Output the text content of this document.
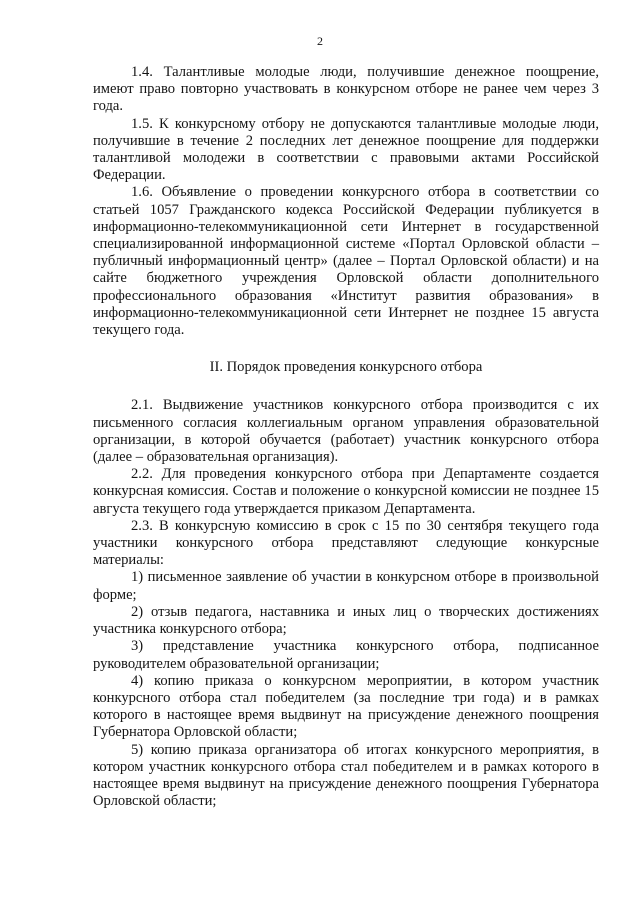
2

1.4. Талантливые молодые люди, получившие денежное поощрение, имеют право повторно участвовать в конкурсном отборе не ранее чем через 3 года.

1.5. К конкурсному отбору не допускаются талантливые молодые люди, получившие в течение 2 последних лет денежное поощрение для поддержки талантливой молодежи в соответствии с правовыми актами Российской Федерации.

1.6. Объявление о проведении конкурсного отбора в соответствии со статьей 1057 Гражданского кодекса Российской Федерации публикуется в информационно-телекоммуникационной сети Интернет в государственной специализированной информационной системе «Портал Орловской области – публичный информационный центр» (далее – Портал Орловской области) и на сайте бюджетного учреждения Орловской области дополнительного профессионального образования «Институт развития образования» в информационно-телекоммуникационной сети Интернет не позднее 15 августа текущего года.

II. Порядок проведения конкурсного отбора

2.1. Выдвижение участников конкурсного отбора производится с их письменного согласия коллегиальным органом управления образовательной организации, в которой обучается (работает) участник конкурсного отбора (далее – образовательная организация).

2.2. Для проведения конкурсного отбора при Департаменте создается конкурсная комиссия. Состав и положение о конкурсной комиссии не позднее 15 августа текущего года утверждается приказом Департамента.

2.3. В конкурсную комиссию в срок с 15 по 30 сентября текущего года участники конкурсного отбора представляют следующие конкурсные материалы:

1) письменное заявление об участии в конкурсном отборе в произвольной форме;

2) отзыв педагога, наставника и иных лиц о творческих достижениях участника конкурсного отбора;

3) представление участника конкурсного отбора, подписанное руководителем образовательной организации;

4) копию приказа о конкурсном мероприятии, в котором участник конкурсного отбора стал победителем (за последние три года) и в рамках которого в настоящее время выдвинут на присуждение денежного поощрения Губернатора Орловской области;

5) копию приказа организатора об итогах конкурсного мероприятия, в котором участник конкурсного отбора стал победителем и в рамках которого в настоящее время выдвинут на присуждение денежного поощрения Губернатора Орловской области;
